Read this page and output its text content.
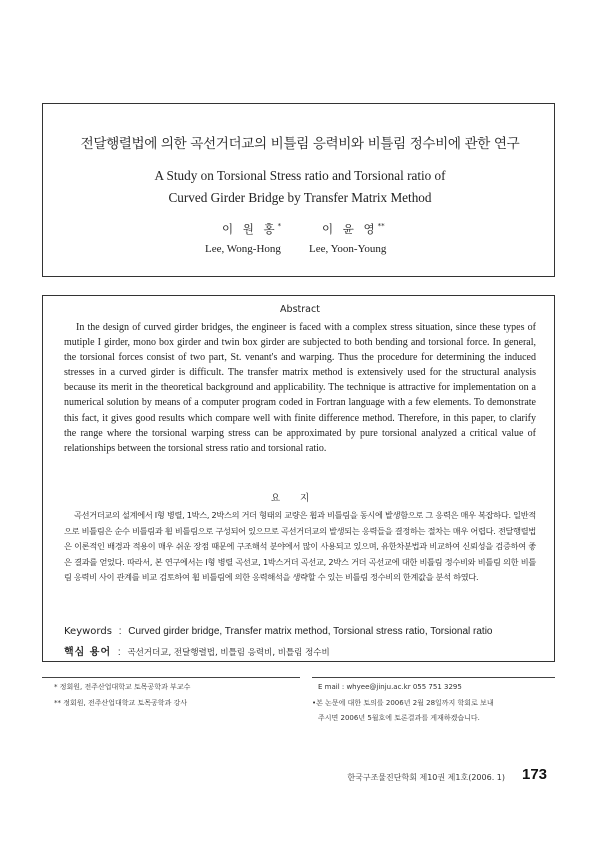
전달행렬법에 의한 곡선거더교의 비틀림 응력비와 비틀림 정수비에 관한 연구
A Study on Torsional Stress ratio and Torsional ratio of
Curved Girder Bridge by Transfer Matrix Method
이 원 홍*	이 윤 영**
Lee, Wong-Hong	Lee, Yoon-Young
Abstract
In the design of curved girder bridges, the engineer is faced with a complex stress situation, since these types of mutiple I girder, mono box girder and twin box girder are subjected to both bending and torsional force. In general, the torsional forces consist of two part, St. venant's and warping. Thus the procedure for determining the induced stresses in a curved girder is difficult. The transfer matrix method is extensively used for the structural analysis because its merit in the theoretical background and applicability. The technique is attractive for implementation on a numerical solution by means of a computer program coded in Fortran language with a few elements. To demonstrate this fact, it gives good results which compare well with finite difference method. Therefore, in this paper, to clarify the range where the torsional warping stress can be approximated by pure torsional analyzed a critical value of relationships between the torsional stress ratio and torsional ratio.
요지
곡선거더교의 설계에서 I형 병렬, 1박스, 2박스의 거더 형태의 교량은 휨과 비틀림을 동시에 발생함으로 그 응력은 매우 복잡하다. 일반적으로 비틀림은 순수 비틀림과 휨 비틀림으로 구성되어 있으므로 곡선거더교의 발생되는 응력들을 결정하는 절차는 매우 어렵다. 전달행렬법은 이론적인 배경과 적용이 매우 쉬운 장점 때문에 구조해석 분야에서 많이 사용되고 있으며, 유한차분법과 비교하여 신뢰성을 검증하여 좋은 결과를 얻었다. 따라서, 본 연구에서는 I형 병렬 곡선교, 1박스거더 곡선교, 2박스 거더 곡선교에 대한 비틀림 정수비와 비틀림 의한 비틀림 응력비 사이 관계를 비교 검토하여 휨 비틀림에 의한 응력해석을 생략할 수 있는 비틀림 정수비의 한계값을 분석 하였다.
Keywords : Curved girder bridge, Transfer matrix method, Torsional stress ratio, Torsional ratio
핵심 용어 : 곡선거더교, 전달행렬법, 비틀림 응력비, 비틀림 정수비
* 정회원, 전주산업대학교 토목공학과 부교수
** 정회원, 전주산업대학교 토목공학과 강사
E mail : whyee@jinju.ac.kr 055 751 3295
•본 논문에 대한 토의를 2006년 2월 28일까지 학회로 보내
주시면 2006년 5월호에 토론결과를 게재하겠습니다.
한국구조물진단학회 제10권 제1호(2006. 1) 173
